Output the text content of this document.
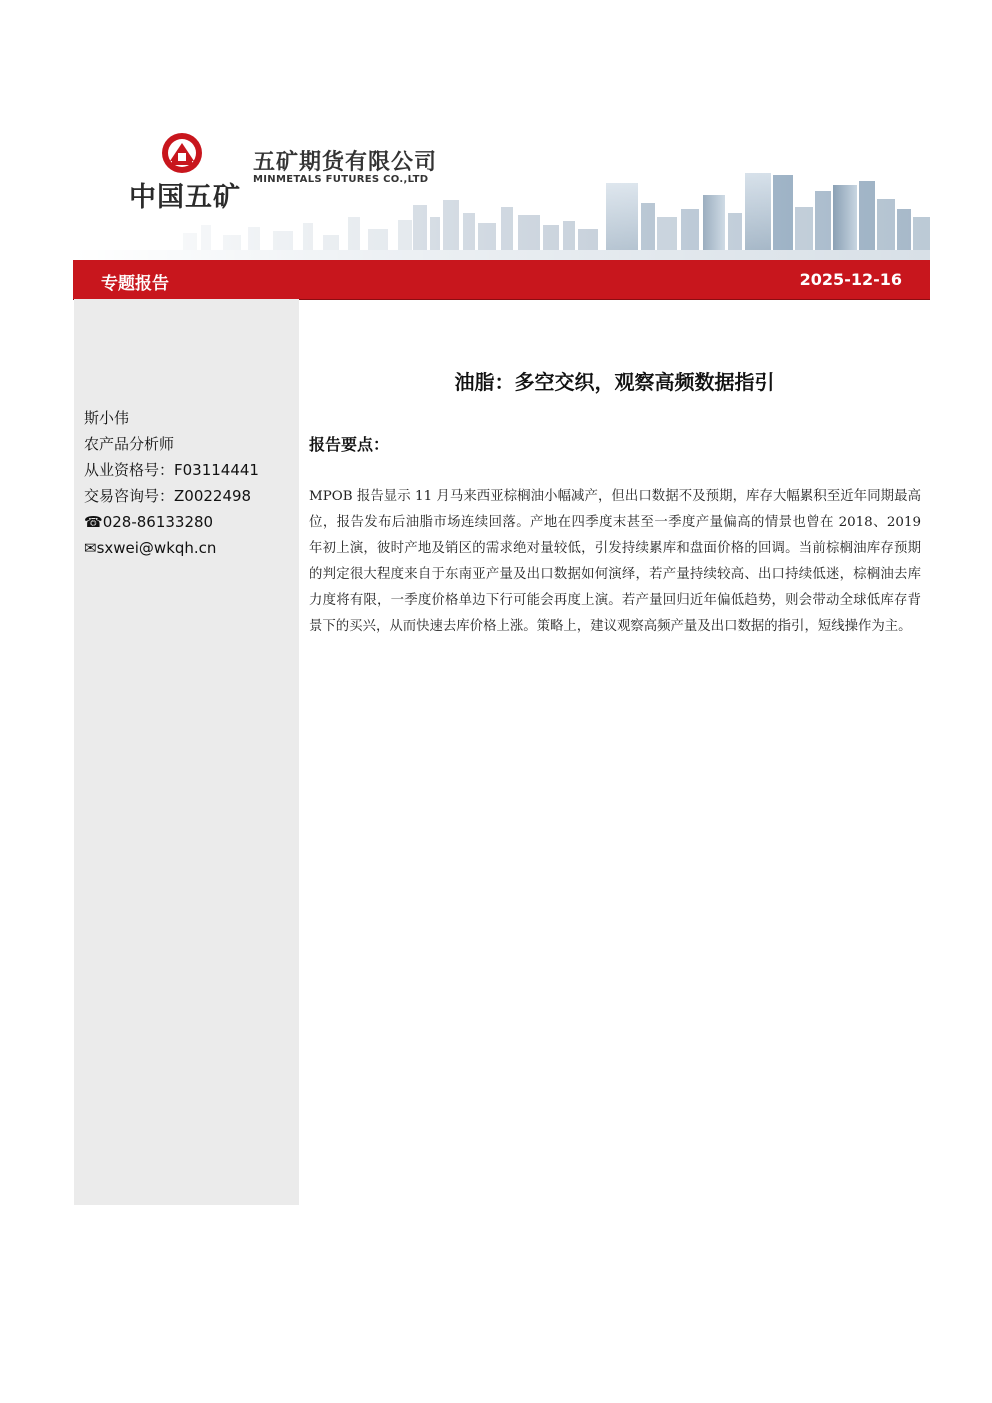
中国五矿
五矿期货有限公司
MINMETALS FUTURES CO.,LTD
专题报告	2025-12-16
斯小伟
农产品分析师
从业资格号：F03114441
交易咨询号：Z0022498
☎028-86133280
✉sxwei@wkqh.cn
油脂：多空交织，观察高频数据指引
报告要点：
MPOB 报告显示 11 月马来西亚棕榈油小幅减产，但出口数据不及预期，库存大幅累积至近年同期最高位，报告发布后油脂市场连续回落。产地在四季度末甚至一季度产量偏高的情景也曾在 2018、2019 年初上演，彼时产地及销区的需求绝对量较低，引发持续累库和盘面价格的回调。当前棕榈油库存预期的判定很大程度来自于东南亚产量及出口数据如何演绎，若产量持续较高、出口持续低迷，棕榈油去库力度将有限，一季度价格单边下行可能会再度上演。若产量回归近年偏低趋势，则会带动全球低库存背景下的买兴，从而快速去库价格上涨。策略上，建议观察高频产量及出口数据的指引，短线操作为主。
